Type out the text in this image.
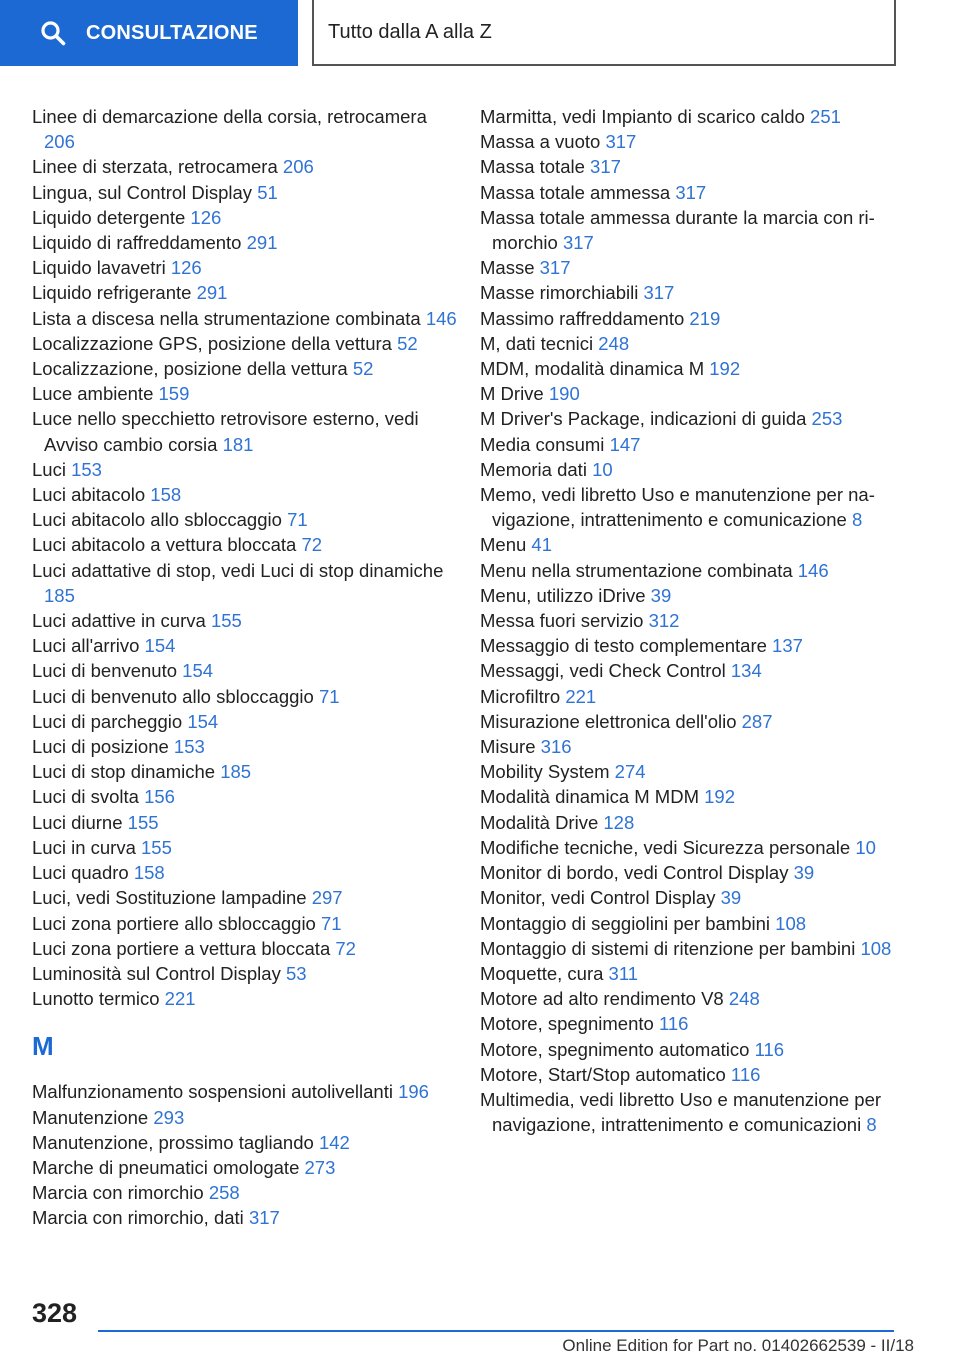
CONSULTAZIONE	Tutto dalla A alla Z
Linee di demarcazione della corsia, retrocamera 206
Linee di sterzata, retrocamera 206
Lingua, sul Control Display 51
Liquido detergente 126
Liquido di raffreddamento 291
Liquido lavavetri 126
Liquido refrigerante 291
Lista a discesa nella strumentazione combinata 146
Localizzazione GPS, posizione della vettura 52
Localizzazione, posizione della vettura 52
Luce ambiente 159
Luce nello specchietto retrovisore esterno, vedi Avviso cambio corsia 181
Luci 153
Luci abitacolo 158
Luci abitacolo allo sbloccaggio 71
Luci abitacolo a vettura bloccata 72
Luci adattative di stop, vedi Luci di stop dinamiche 185
Luci adattive in curva 155
Luci all'arrivo 154
Luci di benvenuto 154
Luci di benvenuto allo sbloccaggio 71
Luci di parcheggio 154
Luci di posizione 153
Luci di stop dinamiche 185
Luci di svolta 156
Luci diurne 155
Luci in curva 155
Luci quadro 158
Luci, vedi Sostituzione lampadine 297
Luci zona portiere allo sbloccaggio 71
Luci zona portiere a vettura bloccata 72
Luminosità sul Control Display 53
Lunotto termico 221
M
Malfunzionamento sospensioni autolivellanti 196
Manutenzione 293
Manutenzione, prossimo tagliando 142
Marche di pneumatici omologate 273
Marcia con rimorchio 258
Marcia con rimorchio, dati 317
Marmitta, vedi Impianto di scarico caldo 251
Massa a vuoto 317
Massa totale 317
Massa totale ammessa 317
Massa totale ammessa durante la marcia con rimorchio 317
Masse 317
Masse rimorchiabili 317
Massimo raffreddamento 219
M, dati tecnici 248
MDM, modalità dinamica M 192
M Drive 190
M Driver's Package, indicazioni di guida 253
Media consumi 147
Memoria dati 10
Memo, vedi libretto Uso e manutenzione per navigazione, intrattenimento e comunicazione 8
Menu 41
Menu nella strumentazione combinata 146
Menu, utilizzo iDrive 39
Messa fuori servizio 312
Messaggio di testo complementare 137
Messaggi, vedi Check Control 134
Microfiltro 221
Misurazione elettronica dell'olio 287
Misure 316
Mobility System 274
Modalità dinamica M MDM 192
Modalità Drive 128
Modifiche tecniche, vedi Sicurezza personale 10
Monitor di bordo, vedi Control Display 39
Monitor, vedi Control Display 39
Montaggio di seggiolini per bambini 108
Montaggio di sistemi di ritenzione per bambini 108
Moquette, cura 311
Motore ad alto rendimento V8 248
Motore, spegnimento 116
Motore, spegnimento automatico 116
Motore, Start/Stop automatico 116
Multimedia, vedi libretto Uso e manutenzione per navigazione, intrattenimento e comunicazioni 8
328
Online Edition for Part no. 01402662539 - II/18
